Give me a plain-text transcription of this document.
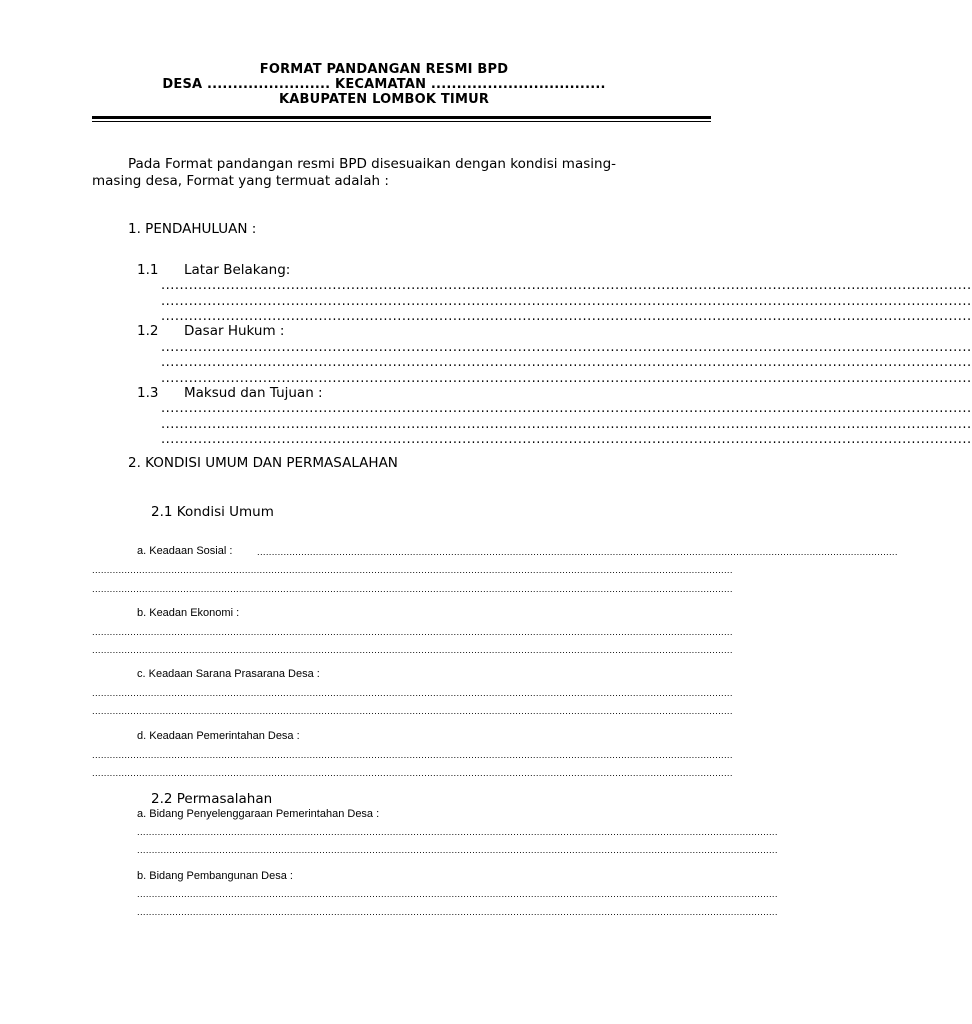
FORMAT PANDANGAN RESMI BPD
DESA ........................ KECAMATAN ..................................
KABUPATEN LOMBOK TIMUR
Pada Format pandangan resmi BPD disesuaikan dengan kondisi masing-
masing desa, Format yang termuat adalah :
1. PENDAHULUAN :
1.1 Latar Belakang:
...............................................................................................................................................................................
...............................................................................................................................................................................
...............................................................................................................................................................................
1.2 Dasar Hukum :
...............................................................................................................................................................................
...............................................................................................................................................................................
...............................................................................................................................................................................
1.3 Maksud dan Tujuan :
...............................................................................................................................................................................
...............................................................................................................................................................................
...............................................................................................................................................................................
2. KONDISI UMUM DAN PERMASALAHAN
2.1 Kondisi Umum
a. Keadaan Sosial :	..........................................................................................................................................................................................................................
..........................................................................................................................................................................................................................
..........................................................................................................................................................................................................................
b. Keadan Ekonomi :
..........................................................................................................................................................................................................................
..........................................................................................................................................................................................................................
c. Keadaan Sarana Prasarana Desa :
..........................................................................................................................................................................................................................
..........................................................................................................................................................................................................................
d. Keadaan Pemerintahan Desa :
..........................................................................................................................................................................................................................
..........................................................................................................................................................................................................................
2.2 Permasalahan
a. Bidang Penyelenggaraan Pemerintahan Desa :
..........................................................................................................................................................................................................................
..........................................................................................................................................................................................................................
b. Bidang Pembangunan Desa :
..........................................................................................................................................................................................................................
..........................................................................................................................................................................................................................
